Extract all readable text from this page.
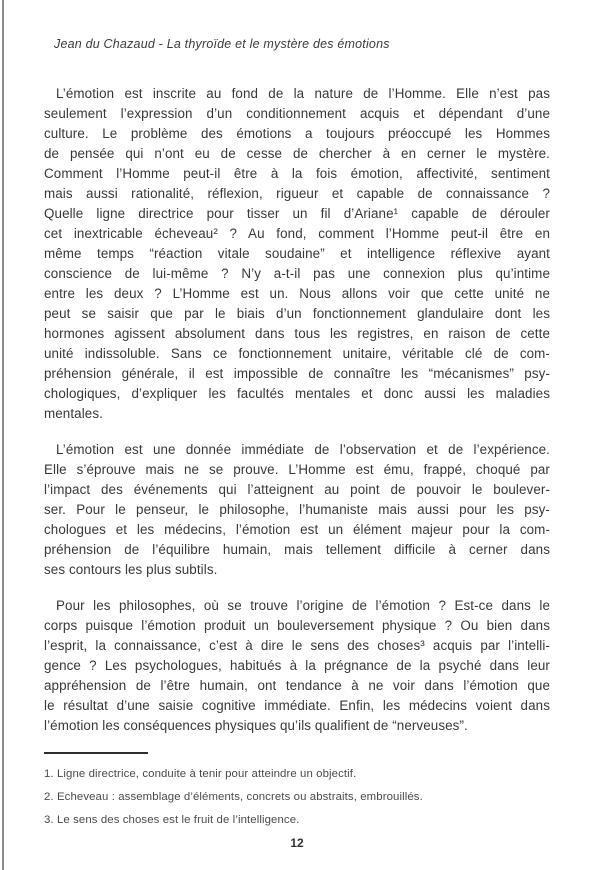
Jean du Chazaud - La thyroïde et le mystère des émotions
L’émotion est inscrite au fond de la nature de l’Homme. Elle n’est pas
seulement l’expression d’un conditionnement acquis et dépendant d’une
culture. Le problème des émotions a toujours préoccupé les Hommes
de pensée qui n’ont eu de cesse de chercher à en cerner le mystère.
Comment l’Homme peut-il être à la fois émotion, affectivité, sentiment
mais aussi rationalité, réflexion, rigueur et capable de connaissance ?
Quelle ligne directrice pour tisser un fil d’Ariane¹ capable de dérouler
cet inextricable écheveau² ? Au fond, comment l’Homme peut-il être en
même temps “réaction vitale soudaine” et intelligence réflexive ayant
conscience de lui-même ? N’y a-t-il pas une connexion plus qu’intime
entre les deux ? L’Homme est un. Nous allons voir que cette unité ne
peut se saisir que par le biais d’un fonctionnement glandulaire dont les
hormones agissent absolument dans tous les registres, en raison de cette
unité indissoluble. Sans ce fonctionnement unitaire, véritable clé de com-
préhension générale, il est impossible de connaître les “mécanismes” psy-
chologiques, d’expliquer les facultés mentales et donc aussi les maladies
mentales.
L’émotion est une donnée immédiate de l’observation et de l’expérience.
Elle s’éprouve mais ne se prouve. L’Homme est ému, frappé, choqué par
l’impact des événements qui l’atteignent au point de pouvoir le boulever-
ser. Pour le penseur, le philosophe, l’humaniste mais aussi pour les psy-
chologues et les médecins, l’émotion est un élément majeur pour la com-
préhension de l’équilibre humain, mais tellement difficile à cerner dans
ses contours les plus subtils.
Pour les philosophes, où se trouve l’origine de l’émotion ? Est-ce dans le
corps puisque l’émotion produit un bouleversement physique ? Ou bien dans
l’esprit, la connaissance, c’est à dire le sens des choses³ acquis par l’intelli-
gence ? Les psychologues, habitués à la prégnance de la psyché dans leur
appréhension de l’être humain, ont tendance à ne voir dans l’émotion que
le résultat d’une saisie cognitive immédiate. Enfin, les médecins voient dans
l’émotion les conséquences physiques qu’ils qualifient de “nerveuses”.
1. Ligne directrice, conduite à tenir pour atteindre un objectif.
2. Echeveau : assemblage d’éléments, concrets ou abstraits, embrouillés.
3. Le sens des choses est le fruit de l’intelligence.
12
